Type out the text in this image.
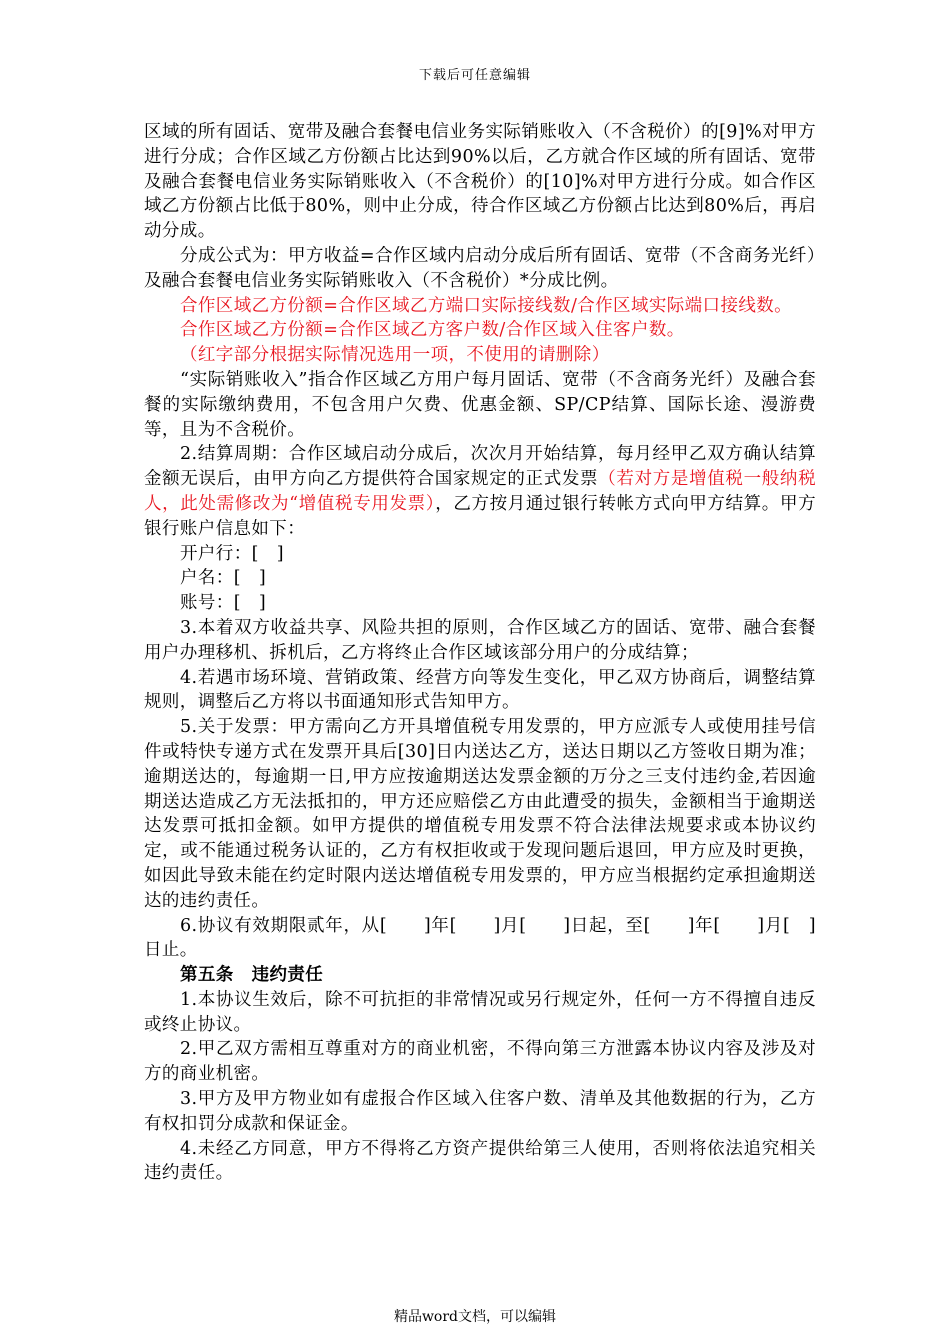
下载后可任意编辑

区域的所有固话、宽带及融合套餐电信业务实际销账收入（不含税价）的[9]%对甲方进行分成；合作区域乙方份额占比达到90%以后，乙方就合作区域的所有固话、宽带及融合套餐电信业务实际销账收入（不含税价）的[10]%对甲方进行分成。如合作区域乙方份额占比低于80%，则中止分成，待合作区域乙方份额占比达到80%后，再启动分成。

分成公式为：甲方收益=合作区域内启动分成后所有固话、宽带（不含商务光纤）及融合套餐电信业务实际销账收入（不含税价）*分成比例。

合作区域乙方份额=合作区域乙方端口实际接线数/合作区域实际端口接线数。

合作区域乙方份额=合作区域乙方客户数/合作区域入住客户数。

（红字部分根据实际情况选用一项，不使用的请删除）

“实际销账收入”指合作区域乙方用户每月固话、宽带（不含商务光纤）及融合套餐的实际缴纳费用，不包含用户欠费、优惠金额、SP/CP结算、国际长途、漫游费等，且为不含税价。

2.结算周期：合作区域启动分成后，次次月开始结算，每月经甲乙双方确认结算金额无误后，由甲方向乙方提供符合国家规定的正式发票（若对方是增值税一般纳税人，此处需修改为“增值税专用发票），乙方按月通过银行转帐方式向甲方结算。甲方银行账户信息如下：

开户行：[　]

户名：[　]

账号：[　]

3.本着双方收益共享、风险共担的原则，合作区域乙方的固话、宽带、融合套餐用户办理移机、拆机后，乙方将终止合作区域该部分用户的分成结算；

4.若遇市场环境、营销政策、经营方向等发生变化，甲乙双方协商后，调整结算规则，调整后乙方将以书面通知形式告知甲方。

5.关于发票：甲方需向乙方开具增值税专用发票的，甲方应派专人或使用挂号信件或特快专递方式在发票开具后[30]日内送达乙方，送达日期以乙方签收日期为准；逾期送达的，每逾期一日,甲方应按逾期送达发票金额的万分之三支付违约金,若因逾期送达造成乙方无法抵扣的，甲方还应赔偿乙方由此遭受的损失，金额相当于逾期送达发票可抵扣金额。如甲方提供的增值税专用发票不符合法律法规要求或本协议约定，或不能通过税务认证的，乙方有权拒收或于发现问题后退回，甲方应及时更换，如因此导致未能在约定时限内送达增值税专用发票的，甲方应当根据约定承担逾期送达的违约责任。

6.协议有效期限贰年，从[　　]年[　　]月[　　]日起，至[　　]年[　　]月[　]日止。

第五条　违约责任

1.本协议生效后，除不可抗拒的非常情况或另行规定外，任何一方不得擅自违反或终止协议。

2.甲乙双方需相互尊重对方的商业机密，不得向第三方泄露本协议内容及涉及对方的商业机密。

3.甲方及甲方物业如有虚报合作区域入住客户数、清单及其他数据的行为，乙方有权扣罚分成款和保证金。

4.未经乙方同意，甲方不得将乙方资产提供给第三人使用，否则将依法追究相关违约责任。

精品word文档，可以编辑
